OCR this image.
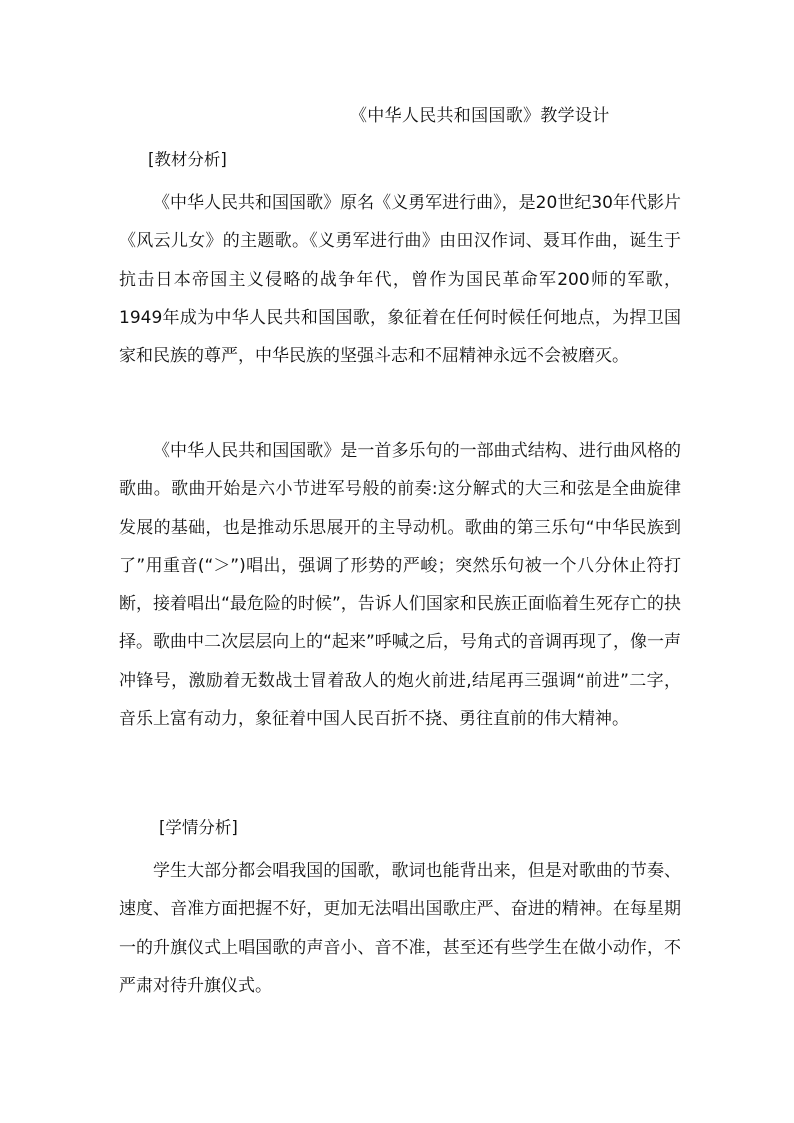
《中华人民共和国国歌》教学设计
[教材分析]

《中华人民共和国国歌》原名《义勇军进行曲》，是20世纪30年代影片《风云儿女》的主题歌。《义勇军进行曲》由田汉作词、聂耳作曲，诞生于抗击日本帝国主义侵略的战争年代，曾作为国民革命军200师的军歌，1949年成为中华人民共和国国歌，象征着在任何时候任何地点，为捍卫国家和民族的尊严，中华民族的坚强斗志和不屈精神永远不会被磨灭。

《中华人民共和国国歌》是一首多乐句的一部曲式结构、进行曲风格的歌曲。歌曲开始是六小节进军号般的前奏:这分解式的大三和弦是全曲旋律发展的基础，也是推动乐思展开的主导动机。歌曲的第三乐句“中华民族到了”用重音(“＞”)唱出，强调了形势的严峻；突然乐句被一个八分休止符打断，接着唱出“最危险的时候”，告诉人们国家和民族正面临着生死存亡的抉择。歌曲中二次层层向上的“起来”呼喊之后，号角式的音调再现了，像一声冲锋号，激励着无数战士冒着敌人的炮火前进,结尾再三强调“前进”二字，音乐上富有动力，象征着中国人民百折不挠、勇往直前的伟大精神。

[学情分析]

学生大部分都会唱我国的国歌，歌词也能背出来，但是对歌曲的节奏、速度、音准方面把握不好，更加无法唱出国歌庄严、奋进的精神。在每星期一的升旗仪式上唱国歌的声音小、音不准，甚至还有些学生在做小动作，不严肃对待升旗仪式。
